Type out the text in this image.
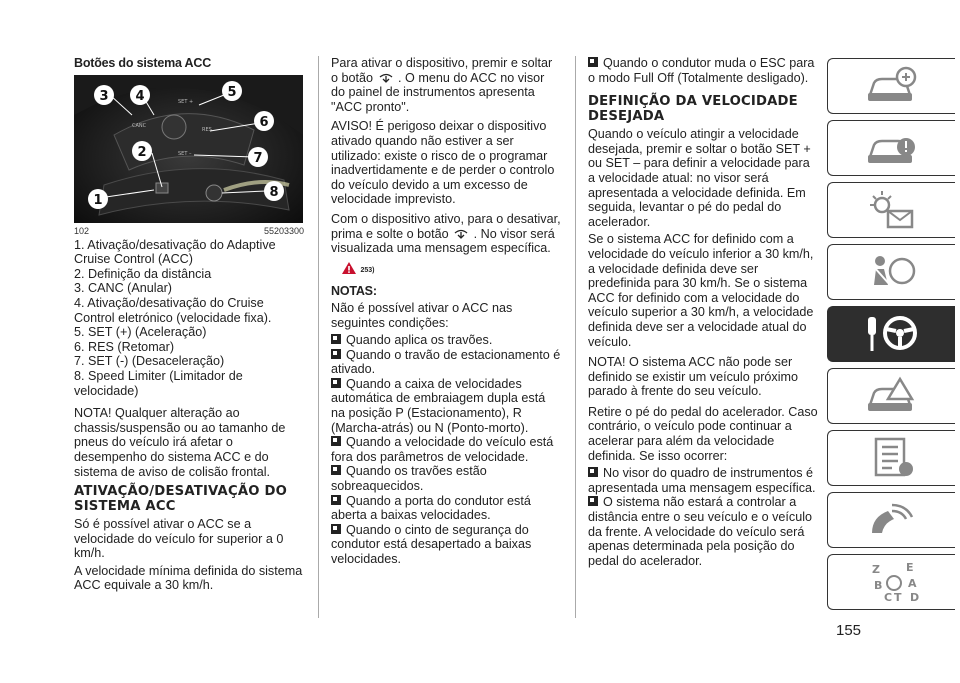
Botões do sistema ACC
SET +
CANC
RES
SET –
3 4	5
6
7
2
1
8
102	55203300

1. Ativação/desativação do Adaptive Cruise Control (ACC)

2. Definição da distância

3. CANC (Anular)

4. Ativação/desativação do Cruise Control eletrónico (velocidade fixa).

5. SET (+) (Aceleração)

6. RES (Retomar)

7. SET (-) (Desaceleração)

8. Speed Limiter (Limitador de velocidade)

NOTA! Qualquer alteração ao chassis/suspensão ou ao tamanho de pneus do veículo irá afetar o desempenho do sistema ACC e do sistema de aviso de colisão frontal.

ATIVAÇÃO/DESATIVAÇÃO DO SISTEMA ACC

Só é possível ativar o ACC se a velocidade do veículo for superior a 0 km/h.

A velocidade mínima definida do sistema ACC equivale a 30 km/h.

Para ativar o dispositivo, premir e soltar o botão . O menu do ACC no visor do painel de instrumentos apresenta "ACC pronto".

AVISO! É perigoso deixar o dispositivo ativado quando não estiver a ser utilizado: existe o risco de o programar inadvertidamente e de perder o controlo do veículo devido a um excesso de velocidade imprevisto.

Com o dispositivo ativo, para o desativar, prima e solte o botão . No visor será visualizada uma mensagem específica.

253)
NOTAS:

Não é possível ativar o ACC nas seguintes condições:

Quando aplica os travões.

Quando o travão de estacionamento é ativado.

Quando a caixa de velocidades automática de embraiagem dupla está na posição P (Estacionamento), R (Marcha-atrás) ou N (Ponto-morto).

Quando a velocidade do veículo está fora dos parâmetros de velocidade.

Quando os travões estão sobreaquecidos.

Quando a porta do condutor está aberta a baixas velocidades.

Quando o cinto de segurança do condutor está desapertado a baixas velocidades.

Quando o condutor muda o ESC para o modo Full Off (Totalmente desligado).

DEFINIÇÃO DA VELOCIDADE DESEJADA

Quando o veículo atingir a velocidade desejada, premir e soltar o botão SET + ou SET – para definir a velocidade para a velocidade atual: no visor será apresentada a velocidade definida. Em seguida, levantar o pé do pedal do acelerador.

Se o sistema ACC for definido com a velocidade do veículo inferior a 30 km/h, a velocidade definida deve ser predefinida para 30 km/h. Se o sistema ACC for definido com a velocidade do veículo superior a 30 km/h, a velocidade definida deve ser a velocidade atual do veículo.

NOTA! O sistema ACC não pode ser definido se existir um veículo próximo parado à frente do seu veículo.

Retire o pé do pedal do acelerador. Caso contrário, o veículo pode continuar a acelerar para além da velocidade definida. Se isso ocorrer:

No visor do quadro de instrumentos é apresentada uma mensagem específica.

O sistema não estará a controlar a distância entre o seu veículo e o veículo da frente. A velocidade do veículo será apenas determinada pela posição do pedal do acelerador.

Z E
B A
C T D
155
